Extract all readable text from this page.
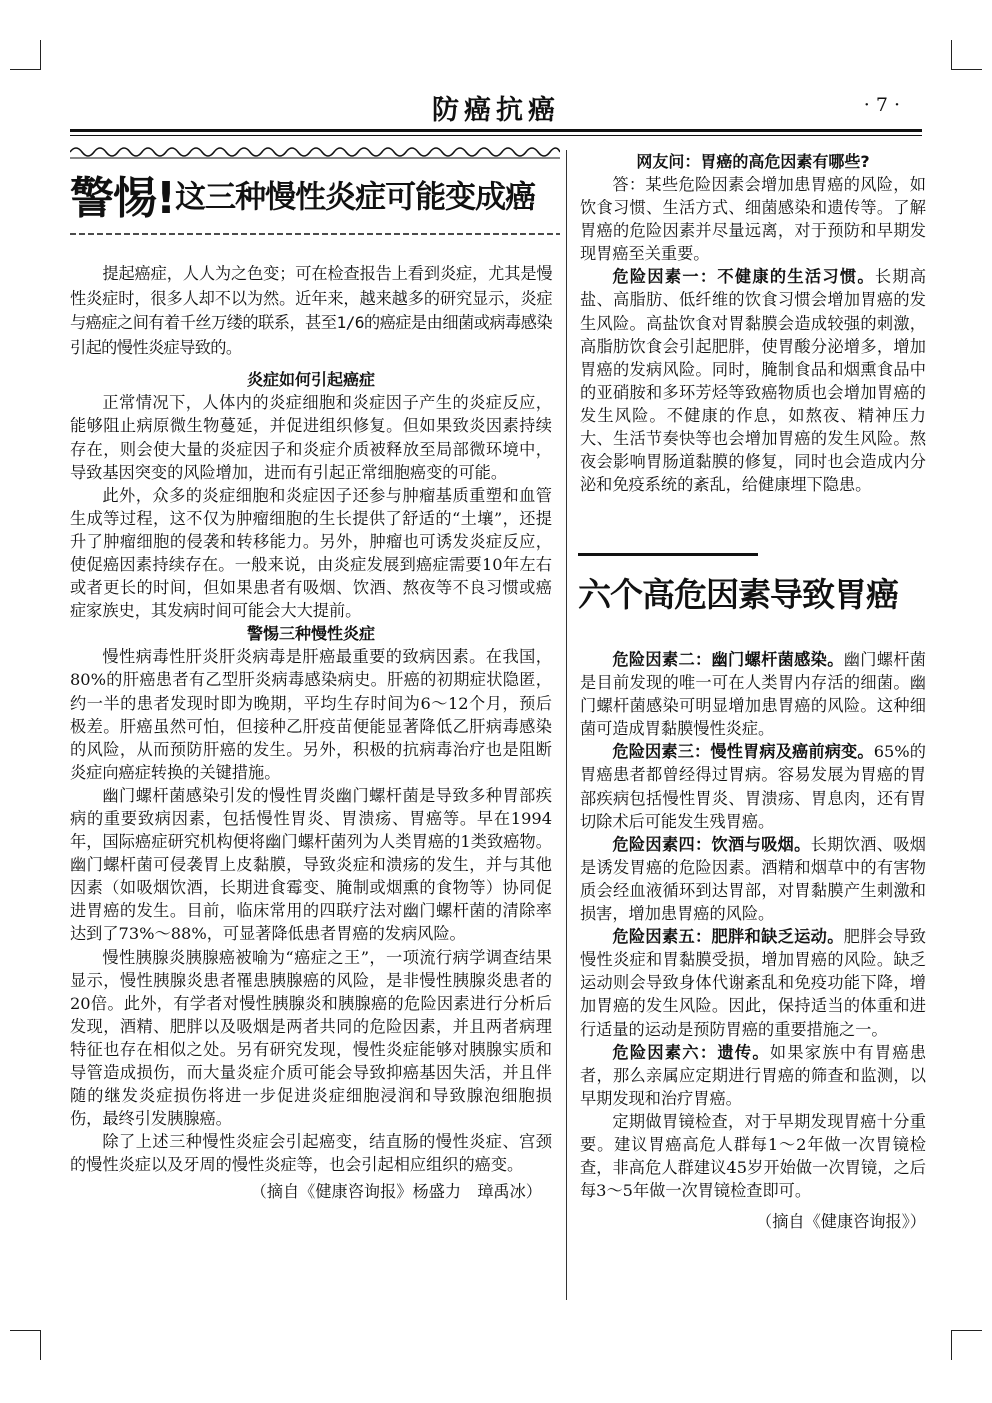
防癌抗癌	· 7 ·
警惕!这三种慢性炎症可能变成癌

提起癌症，人人为之色变；可在检查报告上看到炎症，尤其是慢性炎症时，很多人却不以为然。近年来，越来越多的研究显示，炎症与癌症之间有着千丝万缕的联系，甚至1/6的癌症是由细菌或病毒感染引起的慢性炎症导致的。

炎症如何引起癌症

正常情况下，人体内的炎症细胞和炎症因子产生的炎症反应，能够阻止病原微生物蔓延，并促进组织修复。但如果致炎因素持续存在，则会使大量的炎症因子和炎症介质被释放至局部微环境中，导致基因突变的风险增加，进而有引起正常细胞癌变的可能。

此外，众多的炎症细胞和炎症因子还参与肿瘤基质重塑和血管生成等过程，这不仅为肿瘤细胞的生长提供了舒适的“土壤”，还提升了肿瘤细胞的侵袭和转移能力。另外，肿瘤也可诱发炎症反应，使促癌因素持续存在。一般来说，由炎症发展到癌症需要10年左右或者更长的时间，但如果患者有吸烟、饮酒、熬夜等不良习惯或癌症家族史，其发病时间可能会大大提前。

警惕三种慢性炎症

慢性病毒性肝炎肝炎病毒是肝癌最重要的致病因素。在我国，80%的肝癌患者有乙型肝炎病毒感染病史。肝癌的初期症状隐匿，约一半的患者发现时即为晚期，平均生存时间为6～12个月，预后极差。肝癌虽然可怕，但接种乙肝疫苗便能显著降低乙肝病毒感染的风险，从而预防肝癌的发生。另外，积极的抗病毒治疗也是阻断炎症向癌症转换的关键措施。

幽门螺杆菌感染引发的慢性胃炎幽门螺杆菌是导致多种胃部疾病的重要致病因素，包括慢性胃炎、胃溃疡、胃癌等。早在1994年，国际癌症研究机构便将幽门螺杆菌列为人类胃癌的1类致癌物。幽门螺杆菌可侵袭胃上皮黏膜，导致炎症和溃疡的发生，并与其他因素（如吸烟饮酒，长期进食霉变、腌制或烟熏的食物等）协同促进胃癌的发生。目前，临床常用的四联疗法对幽门螺杆菌的清除率达到了73%～88%，可显著降低患者胃癌的发病风险。

慢性胰腺炎胰腺癌被喻为“癌症之王”，一项流行病学调查结果显示，慢性胰腺炎患者罹患胰腺癌的风险，是非慢性胰腺炎患者的20倍。此外，有学者对慢性胰腺炎和胰腺癌的危险因素进行分析后发现，酒精、肥胖以及吸烟是两者共同的危险因素，并且两者病理特征也存在相似之处。另有研究发现，慢性炎症能够对胰腺实质和导管造成损伤，而大量炎症介质可能会导致抑癌基因失活，并且伴随的继发炎症损伤将进一步促进炎症细胞浸润和导致腺泡细胞损伤，最终引发胰腺癌。

除了上述三种慢性炎症会引起癌变，结直肠的慢性炎症、宫颈的慢性炎症以及牙周的慢性炎症等，也会引起相应组织的癌变。

（摘自《健康咨询报》杨盛力　璋禹冰）

网友问：胃癌的高危因素有哪些?

答：某些危险因素会增加患胃癌的风险，如饮食习惯、生活方式、细菌感染和遗传等。了解胃癌的危险因素并尽量远离，对于预防和早期发现胃癌至关重要。

危险因素一：不健康的生活习惯。长期高盐、高脂肪、低纤维的饮食习惯会增加胃癌的发生风险。高盐饮食对胃黏膜会造成较强的刺激，高脂肪饮食会引起肥胖，使胃酸分泌增多，增加胃癌的发病风险。同时，腌制食品和烟熏食品中的亚硝胺和多环芳烃等致癌物质也会增加胃癌的发生风险。不健康的作息，如熬夜、精神压力大、生活节奏快等也会增加胃癌的发生风险。熬夜会影响胃肠道黏膜的修复，同时也会造成内分泌和免疫系统的紊乱，给健康埋下隐患。

六个高危因素导致胃癌

危险因素二：幽门螺杆菌感染。幽门螺杆菌是目前发现的唯一可在人类胃内存活的细菌。幽门螺杆菌感染可明显增加患胃癌的风险。这种细菌可造成胃黏膜慢性炎症。

危险因素三：慢性胃病及癌前病变。65%的胃癌患者都曾经得过胃病。容易发展为胃癌的胃部疾病包括慢性胃炎、胃溃疡、胃息肉，还有胃切除术后可能发生残胃癌。

危险因素四：饮酒与吸烟。长期饮酒、吸烟是诱发胃癌的危险因素。酒精和烟草中的有害物质会经血液循环到达胃部，对胃黏膜产生刺激和损害，增加患胃癌的风险。

危险因素五：肥胖和缺乏运动。肥胖会导致慢性炎症和胃黏膜受损，增加胃癌的风险。缺乏运动则会导致身体代谢紊乱和免疫功能下降，增加胃癌的发生风险。因此，保持适当的体重和进行适量的运动是预防胃癌的重要措施之一。

危险因素六：遗传。如果家族中有胃癌患者，那么亲属应定期进行胃癌的筛查和监测，以早期发现和治疗胃癌。

定期做胃镜检查，对于早期发现胃癌十分重要。建议胃癌高危人群每1～2年做一次胃镜检查，非高危人群建议45岁开始做一次胃镜，之后每3～5年做一次胃镜检查即可。

（摘自《健康咨询报》）
